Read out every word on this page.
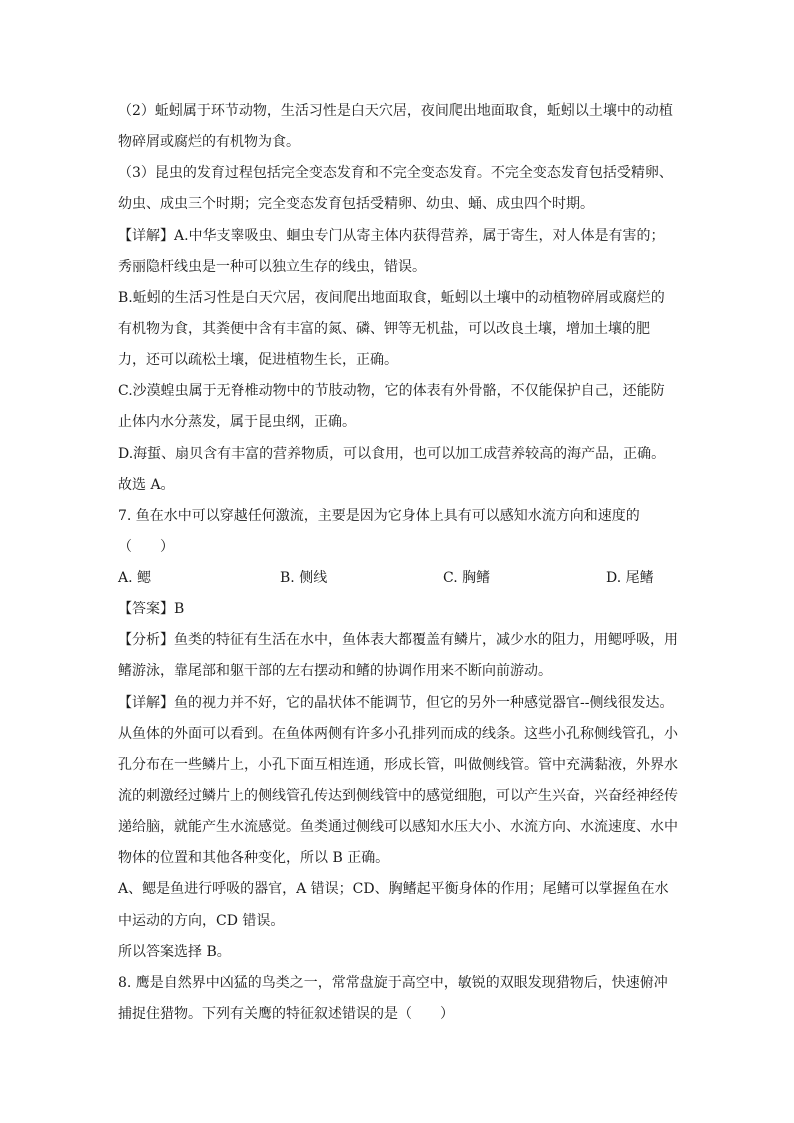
（2）蚯蚓属于环节动物，生活习性是白天穴居，夜间爬出地面取食，蚯蚓以土壤中的动植
物碎屑或腐烂的有机物为食。
（3）昆虫的发育过程包括完全变态发育和不完全变态发育。不完全变态发育包括受精卵、
幼虫、成虫三个时期；完全变态发育包括受精卵、幼虫、蛹、成虫四个时期。
【详解】A.中华支睾吸虫、蛔虫专门从寄主体内获得营养，属于寄生，对人体是有害的；
秀丽隐杆线虫是一种可以独立生存的线虫，错误。
B.蚯蚓的生活习性是白天穴居，夜间爬出地面取食，蚯蚓以土壤中的动植物碎屑或腐烂的
有机物为食，其粪便中含有丰富的氮、磷、钾等无机盐，可以改良土壤，增加土壤的肥
力，还可以疏松土壤，促进植物生长，正确。
C.沙漠蝗虫属于无脊椎动物中的节肢动物，它的体表有外骨骼，不仅能保护自己，还能防
止体内水分蒸发，属于昆虫纲，正确。
D.海蜇、扇贝含有丰富的营养物质，可以食用，也可以加工成营养较高的海产品，正确。
故选 A。
7. 鱼在水中可以穿越任何激流，主要是因为它身体上具有可以感知水流方向和速度的
（　　）
A. 鳃	B. 侧线	C. 胸鳍	D. 尾鳍
【答案】B
【分析】鱼类的特征有生活在水中，鱼体表大都覆盖有鳞片，减少水的阻力，用鳃呼吸，用
鳍游泳，靠尾部和躯干部的左右摆动和鳍的协调作用来不断向前游动。
【详解】鱼的视力并不好，它的晶状体不能调节，但它的另外一种感觉器官--侧线很发达。
从鱼体的外面可以看到。在鱼体两侧有许多小孔排列而成的线条。这些小孔称侧线管孔，小
孔分布在一些鳞片上，小孔下面互相连通，形成长管，叫做侧线管。管中充满黏液，外界水
流的刺激经过鳞片上的侧线管孔传达到侧线管中的感觉细胞，可以产生兴奋，兴奋经神经传
递给脑，就能产生水流感觉。鱼类通过侧线可以感知水压大小、水流方向、水流速度、水中
物体的位置和其他各种变化，所以 B 正确。
A、鳃是鱼进行呼吸的器官，A 错误；CD、胸鳍起平衡身体的作用；尾鳍可以掌握鱼在水
中运动的方向，CD 错误。
所以答案选择 B。
8. 鹰是自然界中凶猛的鸟类之一，常常盘旋于高空中，敏锐的双眼发现猎物后，快速俯冲
捕捉住猎物。下列有关鹰的特征叙述错误的是（　　）
